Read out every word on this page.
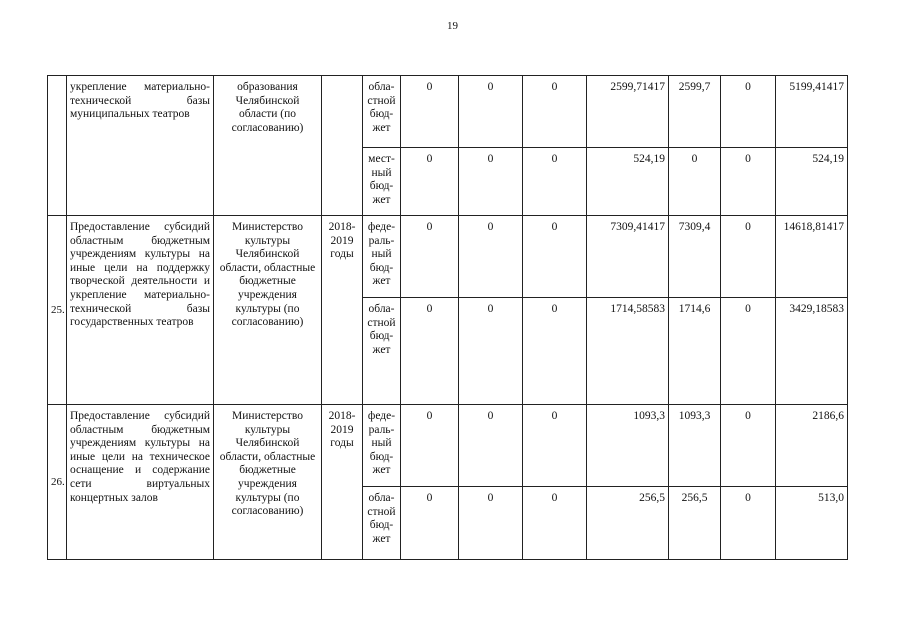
19
	укрепление материально-технической базы муниципальных театров	образования Челябинской области (по согласованию)		обла-стной бюд-жет	0	0	0	2599,71417	2599,7	0	5199,41417
				мест-ный бюд-жет	0	0	0	524,19	0	0	524,19
25.	Предоставление субсидий областным бюджетным учреждениям культуры на иные цели на поддержку творческой деятельности и укрепление материально-технической базы государственных театров	Министерство культуры Челябинской области, областные бюджетные учреждения культуры (по согласованию)	2018-2019 годы	феде-раль-ный бюд-жет	0	0	0	7309,41417	7309,4	0	14618,81417
				обла-стной бюд-жет	0	0	0	1714,58583	1714,6	0	3429,18583
26.	Предоставление субсидий областным бюджетным учреждениям культуры на иные цели на техническое оснащение и содержание сети виртуальных концертных залов	Министерство культуры Челябинской области, областные бюджетные учреждения культуры (по согласованию)	2018-2019 годы	феде-раль-ный бюд-жет	0	0	0	1093,3	1093,3	0	2186,6
				обла-стной бюд-жет	0	0	0	256,5	256,5	0	513,0
